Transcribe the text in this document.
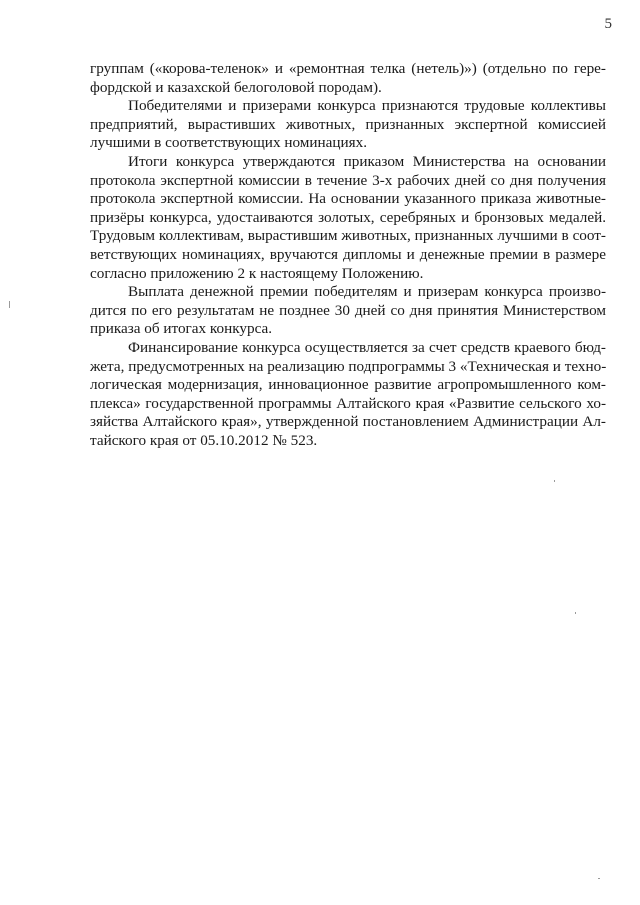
5
группам («корова-теленок» и «ремонтная телка (нетель)») (отдельно по гере-
фордской и казахской белоголовой породам).
Победителями и призерами конкурса признаются трудовые коллективы
предприятий, вырастивших животных, признанных экспертной комиссией
лучшими в соответствующих номинациях.
Итоги конкурса утверждаются приказом Министерства на основании
протокола экспертной комиссии в течение 3-х рабочих дней со дня получения
протокола экспертной комиссии. На основании указанного приказа животные-
призёры конкурса, удостаиваются золотых, серебряных и бронзовых медалей.
Трудовым коллективам, вырастившим животных, признанных лучшими в соот-
ветствующих номинациях, вручаются дипломы и денежные премии в размере
согласно приложению 2 к настоящему Положению.
Выплата денежной премии победителям и призерам конкурса произво-
дится по его результатам не позднее 30 дней со дня принятия Министерством
приказа об итогах конкурса.
Финансирование конкурса осуществляется за счет средств краевого бюд-
жета, предусмотренных на реализацию подпрограммы 3 «Техническая и техно-
логическая модернизация, инновационное развитие агропромышленного ком-
плекса» государственной программы Алтайского края «Развитие сельского хо-
зяйства Алтайского края», утвержденной постановлением Администрации Ал-
тайского края от 05.10.2012 № 523.
